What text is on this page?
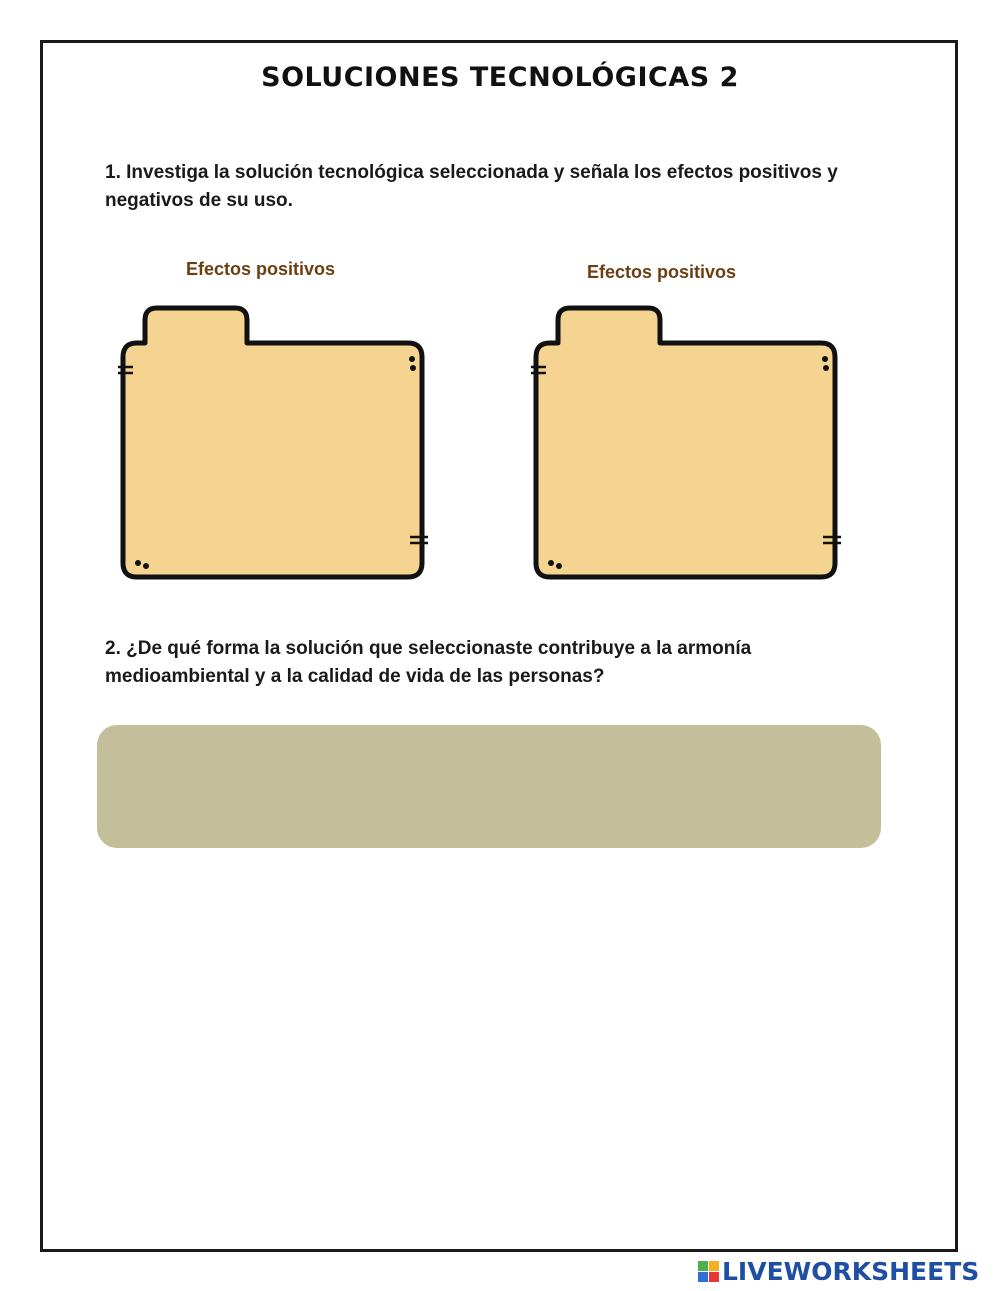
SOLUCIONES TECNOLÓGICAS 2

1. Investiga la solución tecnológica seleccionada y señala los efectos positivos y negativos de su uso.

Efectos positivos	Efectos positivos

2. ¿De qué forma la solución que seleccionaste contribuye a la armonía medioambiental y a la calidad de vida de las personas?

LIVEWORKSHEETS
